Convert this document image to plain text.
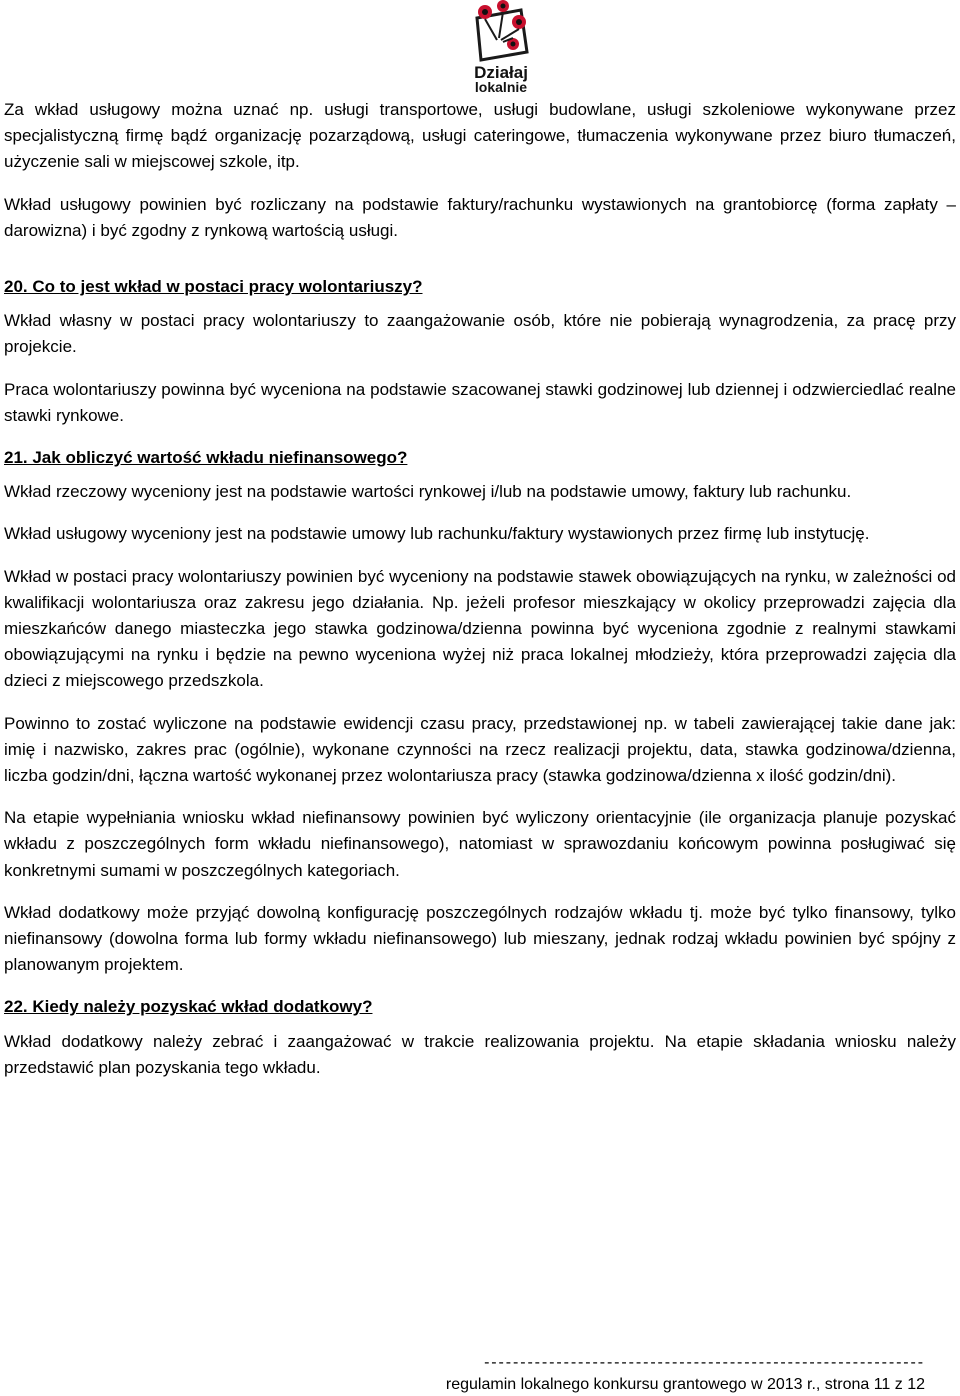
Działaj
lokalnie

Za wkład usługowy można uznać np. usługi transportowe, usługi budowlane, usługi szkoleniowe wykonywane przez specjalistyczną firmę bądź organizację pozarządową, usługi cateringowe, tłumaczenia wykonywane przez biuro tłumaczeń, użyczenie sali w miejscowej szkole, itp.

Wkład usługowy powinien być rozliczany na podstawie faktury/rachunku wystawionych na grantobiorcę (forma zapłaty – darowizna) i być zgodny z rynkową wartością usługi.

20. Co to jest wkład w postaci pracy wolontariuszy?

Wkład własny w postaci pracy wolontariuszy to zaangażowanie osób, które nie pobierają wynagrodzenia, za pracę przy projekcie.

Praca wolontariuszy powinna być wyceniona na podstawie szacowanej stawki godzinowej lub dziennej i odzwierciedlać realne stawki rynkowe.

21. Jak obliczyć wartość wkładu niefinansowego?

Wkład rzeczowy wyceniony jest na podstawie wartości rynkowej i/lub na podstawie umowy, faktury lub rachunku.

Wkład usługowy wyceniony jest na podstawie umowy lub rachunku/faktury wystawionych przez firmę lub instytucję.

Wkład w postaci pracy wolontariuszy powinien być wyceniony na podstawie stawek obowiązujących na rynku, w zależności od kwalifikacji wolontariusza oraz zakresu jego działania. Np. jeżeli profesor mieszkający w okolicy przeprowadzi zajęcia dla mieszkańców danego miasteczka jego stawka godzinowa/dzienna powinna być wyceniona zgodnie z realnymi stawkami obowiązującymi na rynku i będzie na pewno wyceniona wyżej niż praca lokalnej młodzieży, która przeprowadzi zajęcia dla dzieci z miejscowego przedszkola.

Powinno to zostać wyliczone na podstawie ewidencji czasu pracy, przedstawionej np. w tabeli zawierającej takie dane jak: imię i nazwisko, zakres prac (ogólnie), wykonane czynności na rzecz realizacji projektu, data, stawka godzinowa/dzienna, liczba godzin/dni, łączna wartość wykonanej przez wolontariusza pracy (stawka godzinowa/dzienna x ilość godzin/dni).

Na etapie wypełniania wniosku wkład niefinansowy powinien być wyliczony orientacyjnie (ile organizacja planuje pozyskać wkładu z poszczególnych form wkładu niefinansowego), natomiast w sprawozdaniu końcowym powinna posługiwać się konkretnymi sumami w poszczególnych kategoriach.

Wkład dodatkowy może przyjąć dowolną konfigurację poszczególnych rodzajów wkładu tj. może być tylko finansowy, tylko niefinansowy (dowolna forma lub formy wkładu niefinansowego) lub mieszany, jednak rodzaj wkładu powinien być spójny z planowanym projektem.

22. Kiedy należy pozyskać wkład dodatkowy?

Wkład dodatkowy należy zebrać i zaangażować w trakcie realizowania projektu. Na etapie składania wniosku należy przedstawić plan pozyskania tego wkładu.

-------------------------------------------------------------
regulamin lokalnego konkursu grantowego w 2013 r., strona 11 z 12
